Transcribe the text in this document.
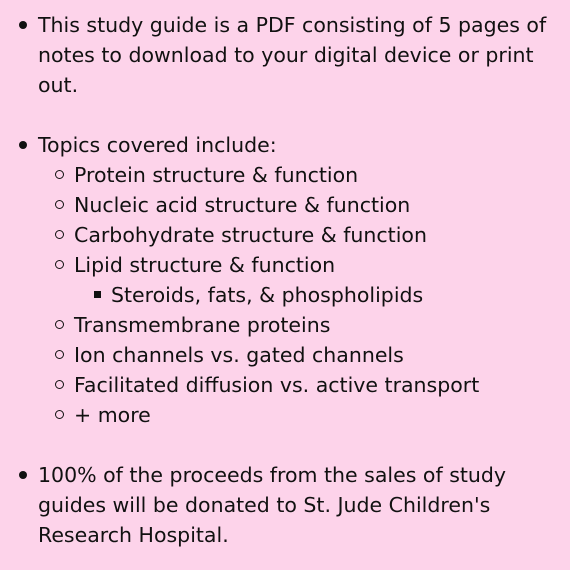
This study guide is a PDF consisting of 5 pages of notes to download to your digital device or print out.
Topics covered include:
Protein structure & function
Nucleic acid structure & function
Carbohydrate structure & function
Lipid structure & function
Steroids, fats, & phospholipids
Transmembrane proteins
Ion channels vs. gated channels
Facilitated diffusion vs. active transport
+ more
100% of the proceeds from the sales of study guides will be donated to St. Jude Children's Research Hospital.
